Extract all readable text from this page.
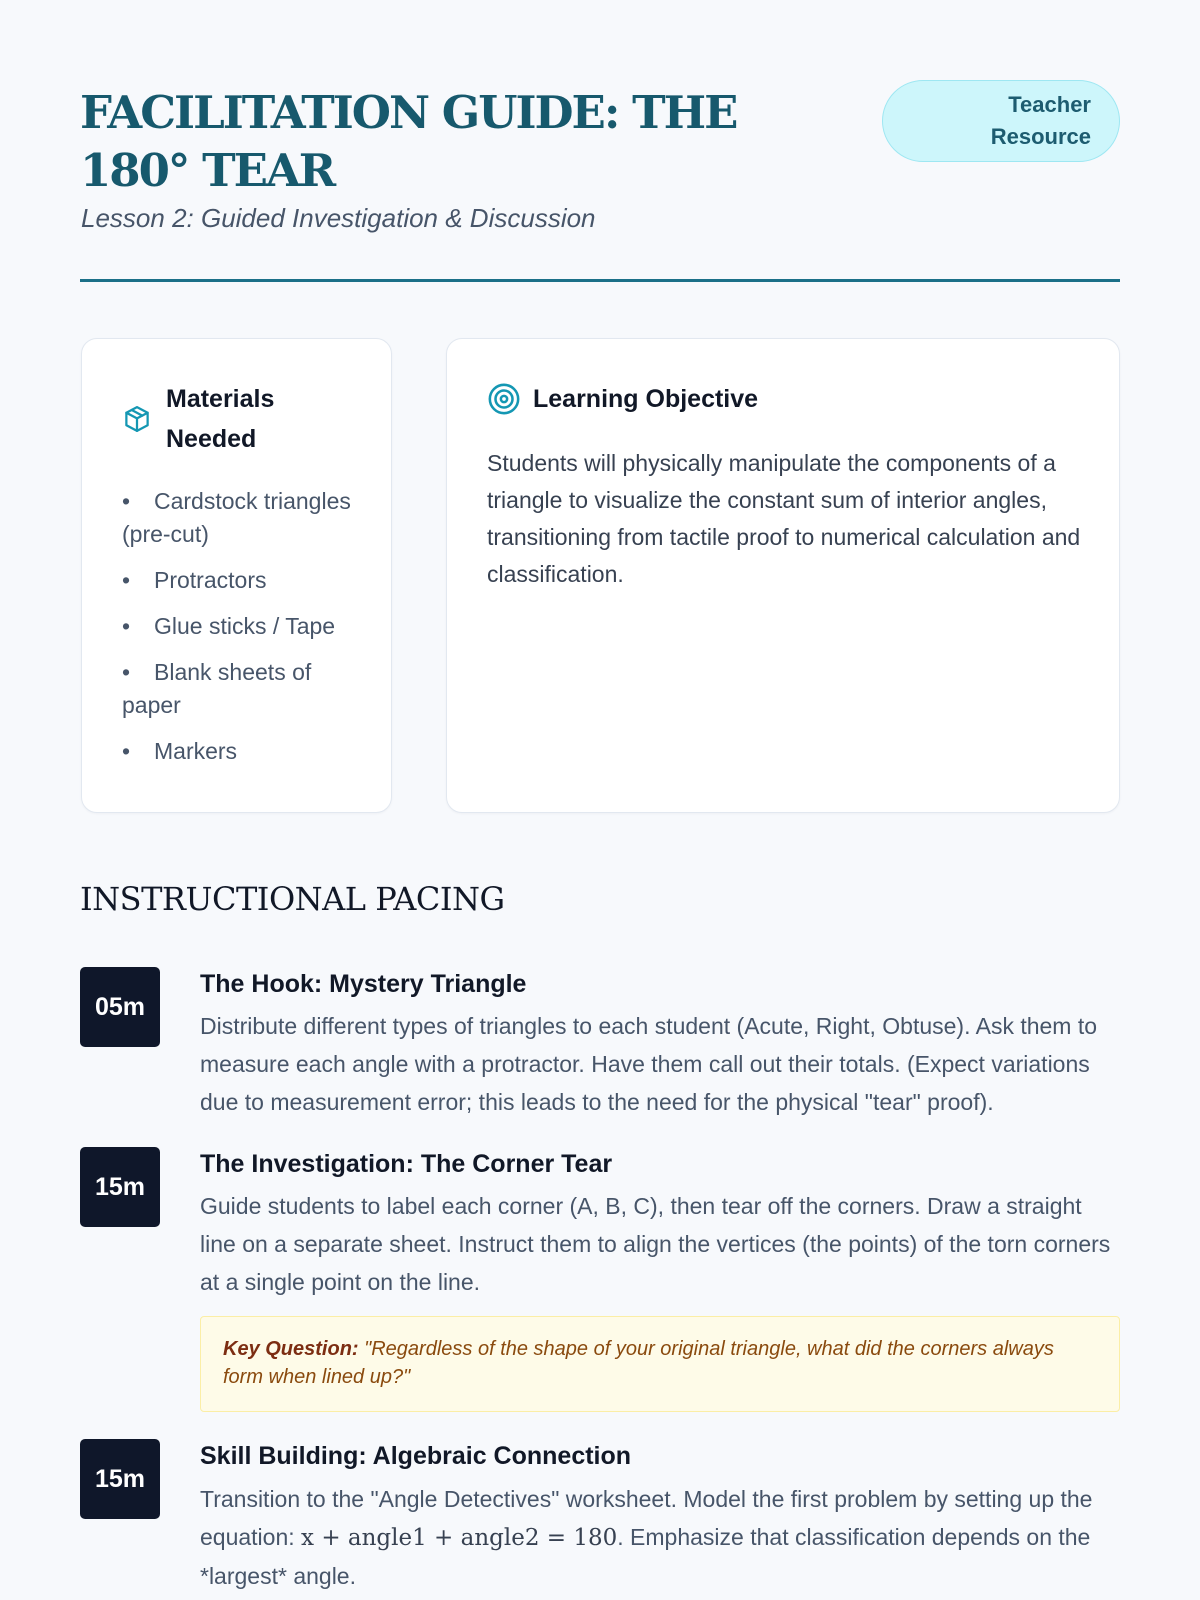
FACILITATION GUIDE: THE 180° TEAR

Lesson 2: Guided Investigation & Discussion

Teacher
Resource
Materials Needed
• Cardstock triangles (pre-cut)
• Protractors
• Glue sticks / Tape
• Blank sheets of paper
• Markers
Learning Objective

Students will physically manipulate the components of a triangle to visualize the constant sum of interior angles, transitioning from tactile proof to numerical calculation and classification.

INSTRUCTIONAL PACING
05m
The Hook: Mystery Triangle

Distribute different types of triangles to each student (Acute, Right, Obtuse). Ask them to measure each angle with a protractor. Have them call out their totals. (Expect variations due to measurement error; this leads to the need for the physical "tear" proof).

15m
The Investigation: The Corner Tear

Guide students to label each corner (A, B, C), then tear off the corners. Draw a straight line on a separate sheet. Instruct them to align the vertices (the points) of the torn corners at a single point on the line.

Key Question: "Regardless of the shape of your original triangle, what did the corners always form when lined up?"
15m
Skill Building: Algebraic Connection

Transition to the "Angle Detectives" worksheet. Model the first problem by setting up the equation: x + angle1 + angle2 = 180. Emphasize that classification depends on the *largest* angle.
